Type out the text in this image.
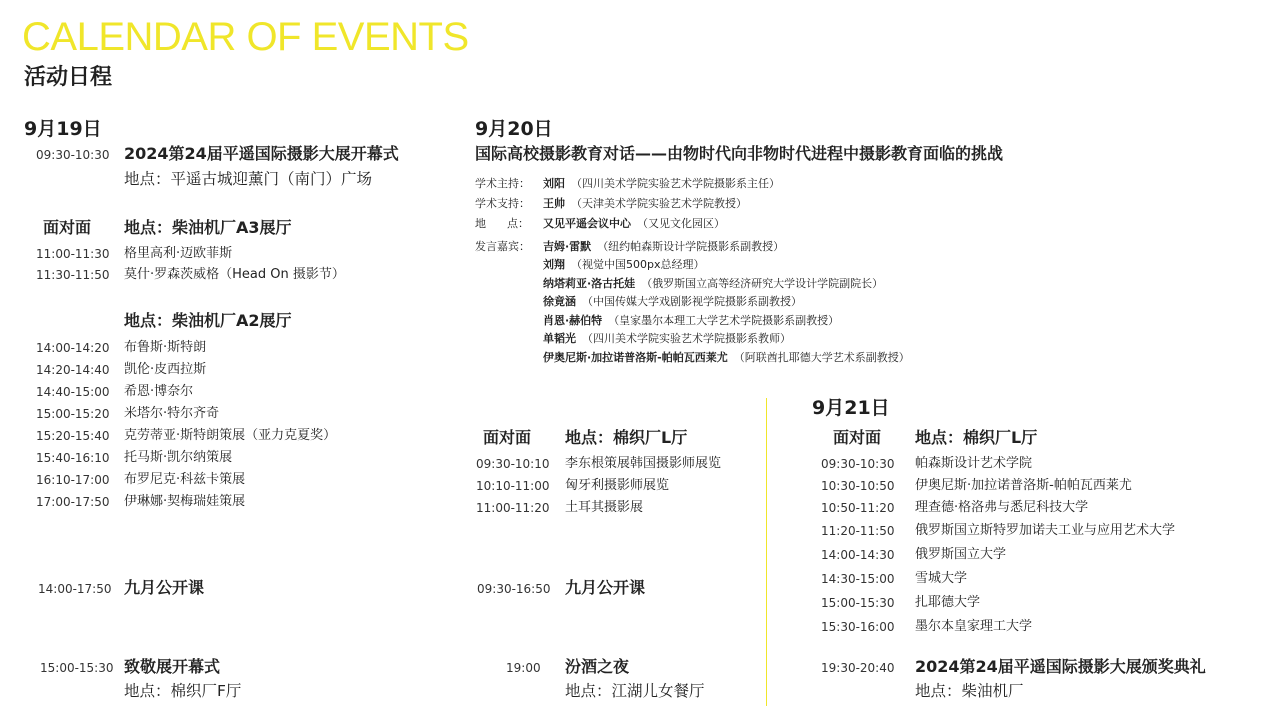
CALENDAR OF EVENTS
活动日程
9月19日
09:30-10:30 2024第24届平遥国际摄影大展开幕式
地点：平遥古城迎薰门（南门）广场
面对面 地点：柴油机厂A3展厅
11:00-11:30 格里高利·迈欧菲斯
11:30-11:50 莫什·罗森茨威格（Head On 摄影节）
地点：柴油机厂A2展厅
14:00-14:20 布鲁斯·斯特朗
14:20-14:40 凯伦·皮西拉斯
14:40-15:00 希恩·博奈尔
15:00-15:20 米塔尔·特尔齐奇
15:20-15:40 克劳蒂亚·斯特朗策展（亚力克夏奖）
15:40-16:10 托马斯·凯尔纳策展
16:10-17:00 布罗尼克·科兹卡策展
17:00-17:50 伊琳娜·契梅瑞娃策展
14:00-17:50 九月公开课
15:00-15:30 致敬展开幕式
地点：棉织厂F厅
9月20日
国际高校摄影教育对话——由物时代向非物时代进程中摄影教育面临的挑战
学术主持： 刘阳 （四川美术学院实验艺术学院摄影系主任）
学术支持： 王帅 （天津美术学院实验艺术学院教授）
地      点： 又见平遥会议中心 （又见文化园区）
发言嘉宾： 吉姆·雷默 （纽约帕森斯设计学院摄影系副教授）
刘翔 （视觉中国500px总经理）
纳塔莉亚·洛古托娃 （俄罗斯国立高等经济研究大学设计学院副院长）
徐竟涵 （中国传媒大学戏剧影视学院摄影系副教授）
肖恩·赫伯特 （皇家墨尔本理工大学艺术学院摄影系副教授）
单韬光 （四川美术学院实验艺术学院摄影系教师）
伊奥尼斯·加拉诺普洛斯-帕帕瓦西莱尤 （阿联酋扎耶德大学艺术系副教授）
面对面 地点：棉织厂L厅
09:30-10:10 李东根策展韩国摄影师展览
10:10-11:00 匈牙利摄影师展览
11:00-11:20 土耳其摄影展
09:30-16:50 九月公开课
19:00 汾酒之夜
地点：江湖儿女餐厅
9月21日
面对面 地点：棉织厂L厅
09:30-10:30 帕森斯设计艺术学院
10:30-10:50 伊奥尼斯·加拉诺普洛斯-帕帕瓦西莱尤
10:50-11:20 理查德·格洛弗与悉尼科技大学
11:20-11:50 俄罗斯国立斯特罗加诺夫工业与应用艺术大学
14:00-14:30 俄罗斯国立大学
14:30-15:00 雪城大学
15:00-15:30 扎耶德大学
15:30-16:00 墨尔本皇家理工大学
19:30-20:40 2024第24届平遥国际摄影大展颁奖典礼
地点：柴油机厂
